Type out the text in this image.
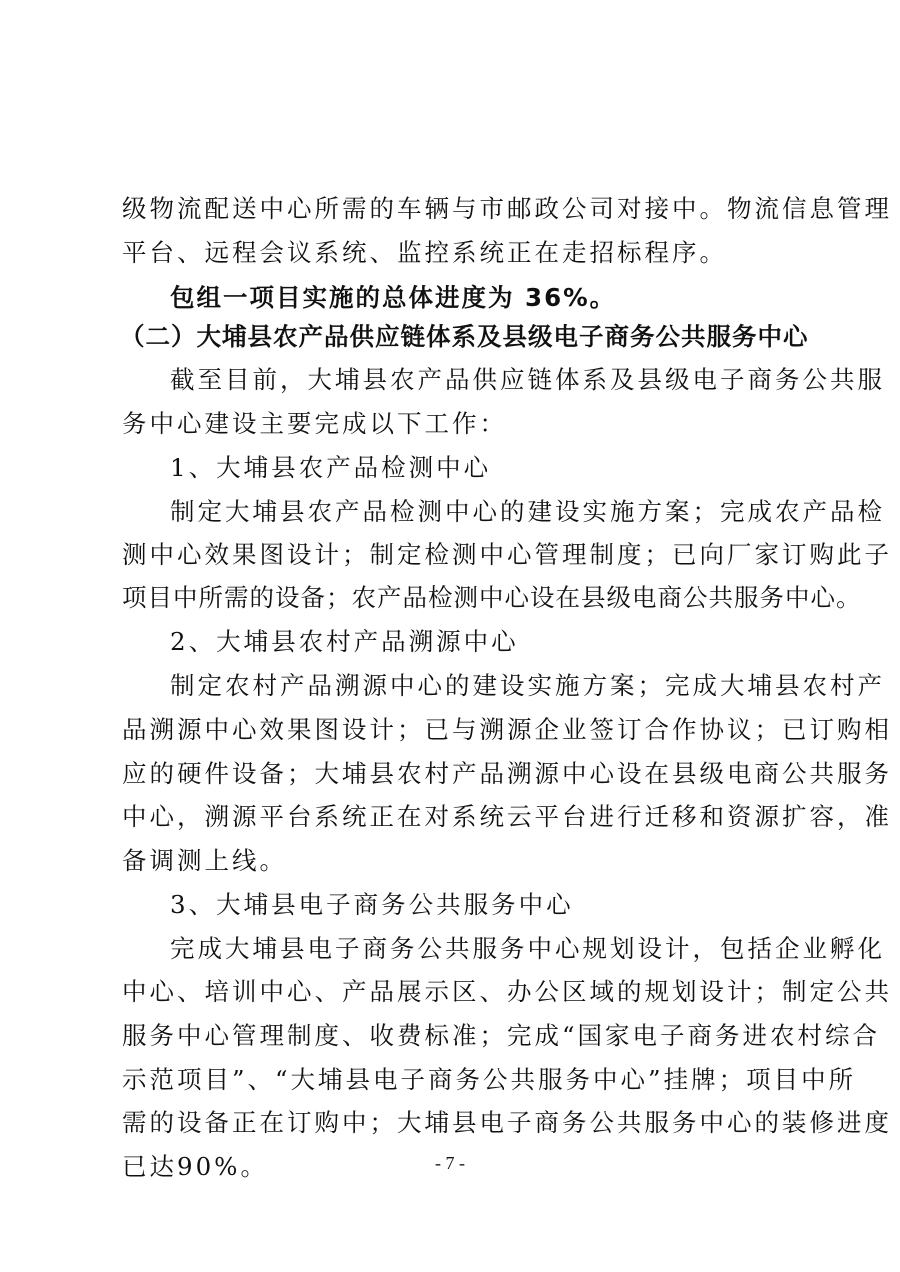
级物流配送中心所需的车辆与市邮政公司对接中。物流信息管理

平台、远程会议系统、监控系统正在走招标程序。

包组一项目实施的总体进度为 36%。

（二）大埔县农产品供应链体系及县级电子商务公共服务中心

截至目前，大埔县农产品供应链体系及县级电子商务公共服

务中心建设主要完成以下工作：

1、大埔县农产品检测中心

制定大埔县农产品检测中心的建设实施方案；完成农产品检

测中心效果图设计；制定检测中心管理制度；已向厂家订购此子

项目中所需的设备；农产品检测中心设在县级电商公共服务中心。

2、大埔县农村产品溯源中心

制定农村产品溯源中心的建设实施方案；完成大埔县农村产

品溯源中心效果图设计；已与溯源企业签订合作协议；已订购相

应的硬件设备；大埔县农村产品溯源中心设在县级电商公共服务

中心，溯源平台系统正在对系统云平台进行迁移和资源扩容，准

备调测上线。

3、大埔县电子商务公共服务中心

完成大埔县电子商务公共服务中心规划设计，包括企业孵化

中心、培训中心、产品展示区、办公区域的规划设计；制定公共

服务中心管理制度、收费标准；完成“国家电子商务进农村综合

示范项目”、“大埔县电子商务公共服务中心”挂牌；项目中所

需的设备正在订购中；大埔县电子商务公共服务中心的装修进度

已达90%。	- 7 -
